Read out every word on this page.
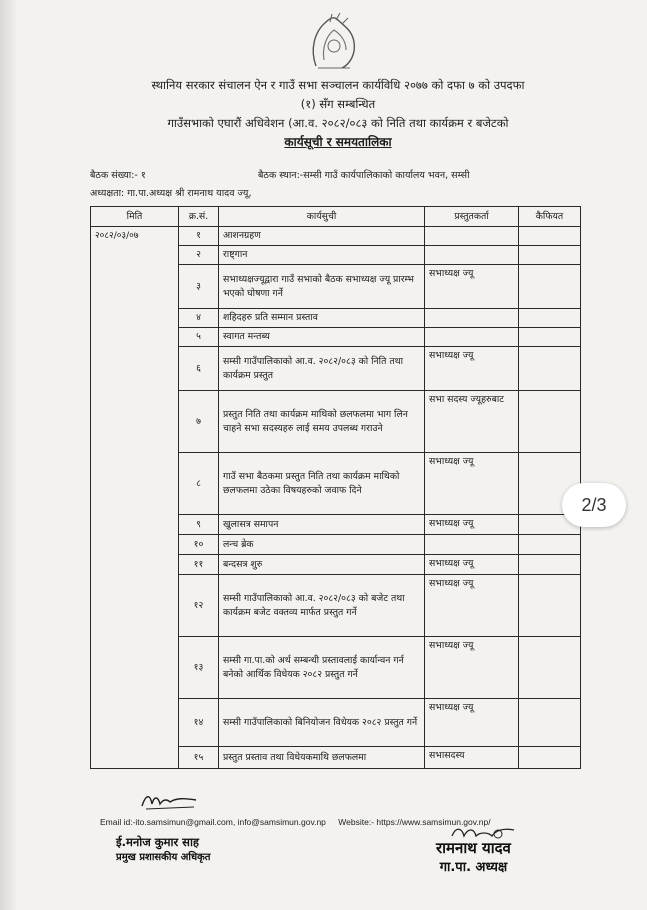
स्थानिय सरकार संचालन ऐन र गाउँ सभा सञ्चालन कार्यविधि २०७७ को दफा ७ को उपदफा
(१) सँग सम्बन्धित
गाउँसभाको एघारौं अधिवेशन (आ.व. २०८२/०८३ को निति तथा कार्यक्रम र बजेटको
कार्यसूची र समयतालिका
बैठक संख्या:- १	बैठक स्थान:-सम्सी गाउँ कार्यपालिकाको कार्यालय भवन, सम्सी
अध्यक्षता: गा.पा.अध्यक्ष श्री रामनाथ यादव ज्यू,
मिति	क्र.सं.	कार्यसुची	प्रस्तुतकर्ता	कैफियत
२०८२/०३/०७	१	आशनग्रहण		
	२	राष्ट्गान		
	३	सभाध्यक्षज्यूद्वारा गाउँ सभाको बैठक सभाध्यक्ष ज्यू प्रारम्भ भएको घोषणा गर्ने	सभाध्यक्ष ज्यू	
	४	शहिदहरु प्रति सम्मान प्रस्ताव		
	५	स्वागत मन्तब्य		
	६	सम्सी गाउँपालिकाको आ.व. २०८२/०८३ को निति तथा कार्यक्रम प्रस्तुत	सभाध्यक्ष ज्यू	
	७	प्रस्तुत निति तथा कार्यक्रम माथिको छलफलमा भाग लिन चाहने सभा सदस्यहरु लाई समय उपलब्ध गराउने	सभा सदस्य ज्यूहरुबाट	
	८	गाउँ सभा बैठकमा प्रस्तुत निति तथा कार्यक्रम माथिको छलफलमा उठेका विषयहरुको जवाफ दिने	सभाध्यक्ष ज्यू	
	९	खुलासत्र समापन	सभाध्यक्ष ज्यू	
	१०	लन्च ब्रेक		
	११	बन्दसत्र शुरु	सभाध्यक्ष ज्यू	
	१२	सम्सी गाउँपालिकाको आ.व. २०८२/०८३ को बजेट तथा कार्यक्रम बजेट वक्तव्य मार्फत प्रस्तुत गर्ने	सभाध्यक्ष ज्यू	
	१३	सम्सी गा.पा.को अर्थ सम्बन्धी प्रस्तावलाई कार्यान्वन गर्न बनेको आर्थिक विधेयक २०८२ प्रस्तुत गर्ने	सभाध्यक्ष ज्यू	
	१४	सम्सी गाउँपालिकाको बिनियोजन विधेयक २०८२ प्रस्तुत गर्ने	सभाध्यक्ष ज्यू	
	१५	प्रस्तुत प्रस्ताव तथा विधेयकमाथि छलफलमा	सभासदस्य	
2/3
Email id:-ito.samsimun@gmail.com, info@samsimun.gov.np Website:- https://www.samsimun.gov.np/
ई.मनोज कुमार साह
प्रमुख प्रशासकीय अधिकृत
रामनाथ यादव
गा.पा. अध्यक्ष
